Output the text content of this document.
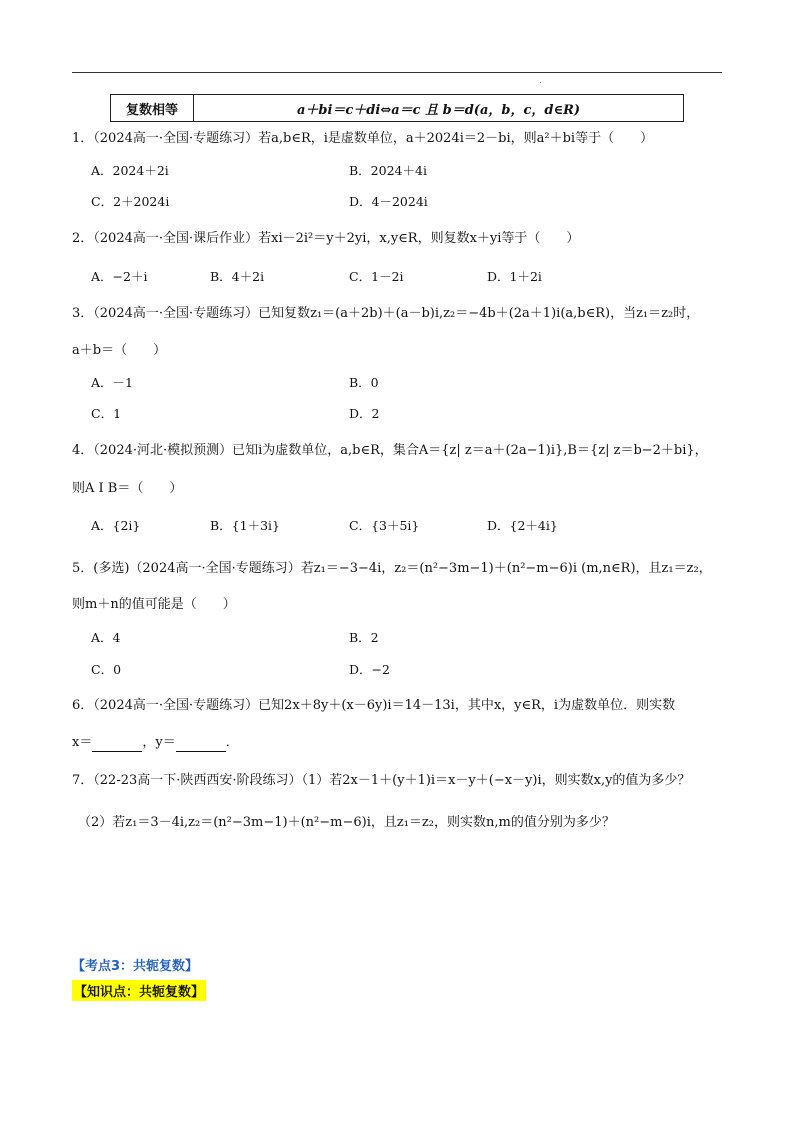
复数相等	a＋bi＝c＋di⇔a＝c 且 b＝d(a，b，c，d∈R)
1．（2024高一·全国·专题练习）若a,b∈R，i是虚数单位，a＋2024i＝2－bi，则a²＋bi等于（　　）
A．2024＋2i	B．2024＋4i
C．2＋2024i	D．4－2024i
2．（2024高一·全国·课后作业）若xi－2i²＝y＋2yi，x,y∈R，则复数x＋yi等于（　　）
A．−2＋i	B．4＋2i	C．1－2i	D．1＋2i
3．（2024高一·全国·专题练习）已知复数z₁＝(a＋2b)＋(a－b)i,z₂＝−4b＋(2a＋1)i(a,b∈R)，当z₁＝z₂时，
a＋b＝（　　）
A．－1	B．0
C．1	D．2
4．（2024·河北·模拟预测）已知i为虚数单位，a,b∈R，集合A＝{z| z＝a＋(2a−1)i},B＝{z| z＝b−2＋bi}，
则A I B＝（　　）
A．{2i}	B．{1＋3i}	C．{3＋5i}	D．{2＋4i}
5．(多选)（2024高一·全国·专题练习）若z₁＝−3−4i，z₂＝(n²−3m−1)＋(n²−m−6)i (m,n∈R)，且z₁＝z₂，
则m＋n的值可能是（　　）
A．4	B．2
C．0	D．−2
6．（2024高一·全国·专题练习）已知2x＋8y＋(x－6y)i＝14－13i，其中x，y∈R，i为虚数单位．则实数
x＝	，y＝	．
7．（22-23高一下·陕西西安·阶段练习）（1）若2x－1＋(y＋1)i＝x－y＋(−x－y)i，则实数x,y的值为多少？
（2）若z₁＝3－4i,z₂＝(n²−3m−1)＋(n²−m−6)i，且z₁＝z₂，则实数n,m的值分别为多少？
【考点3：共轭复数】
【知识点：共轭复数】
